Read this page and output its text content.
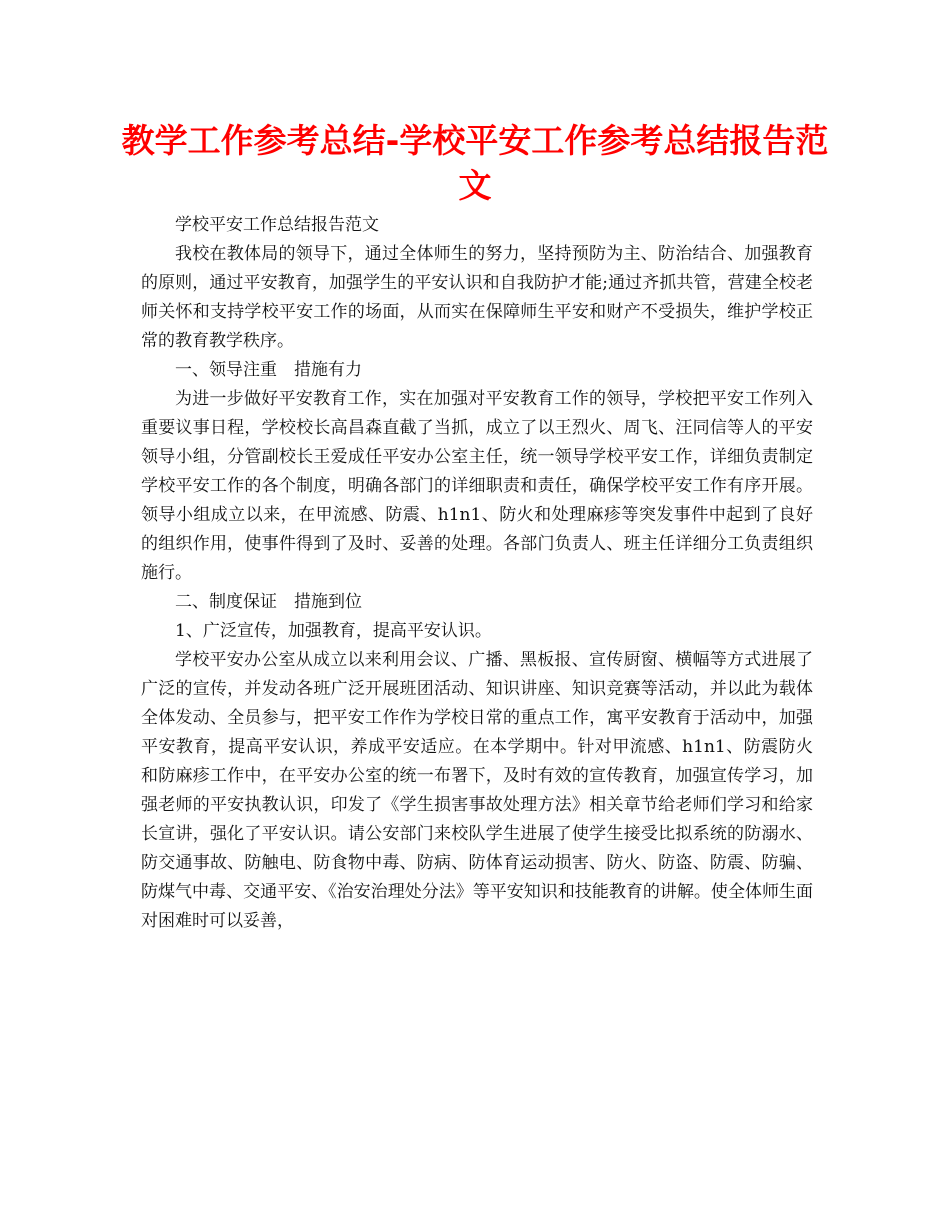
教学工作参考总结-学校平安工作参考总结报告范文

学校平安工作总结报告范文

我校在教体局的领导下，通过全体师生的努力，坚持预防为主、防治结合、加强教育的原则，通过平安教育，加强学生的平安认识和自我防护才能;通过齐抓共管，营建全校老师关怀和支持学校平安工作的场面，从而实在保障师生平安和财产不受损失，维护学校正常的教育教学秩序。

一、领导注重　措施有力

为进一步做好平安教育工作，实在加强对平安教育工作的领导，学校把平安工作列入重要议事日程，学校校长高昌森直截了当抓，成立了以王烈火、周飞、汪同信等人的平安领导小组，分管副校长王爱成任平安办公室主任，统一领导学校平安工作，详细负责制定学校平安工作的各个制度，明确各部门的详细职责和责任，确保学校平安工作有序开展。领导小组成立以来，在甲流感、防震、h1n1、防火和处理麻疹等突发事件中起到了良好的组织作用，使事件得到了及时、妥善的处理。各部门负责人、班主任详细分工负责组织施行。

二、制度保证　措施到位

1、广泛宣传，加强教育，提高平安认识。

学校平安办公室从成立以来利用会议、广播、黑板报、宣传厨窗、横幅等方式进展了广泛的宣传，并发动各班广泛开展班团活动、知识讲座、知识竞赛等活动，并以此为载体全体发动、全员参与，把平安工作作为学校日常的重点工作，寓平安教育于活动中，加强平安教育，提高平安认识，养成平安适应。在本学期中。针对甲流感、h1n1、防震防火和防麻疹工作中，在平安办公室的统一布署下，及时有效的宣传教育，加强宣传学习，加强老师的平安执教认识，印发了《学生损害事故处理方法》相关章节给老师们学习和给家长宣讲，强化了平安认识。请公安部门来校队学生进展了使学生接受比拟系统的防溺水、防交通事故、防触电、防食物中毒、防病、防体育运动损害、防火、防盗、防震、防骗、防煤气中毒、交通平安、《治安治理处分法》等平安知识和技能教育的讲解。使全体师生面对困难时可以妥善，
